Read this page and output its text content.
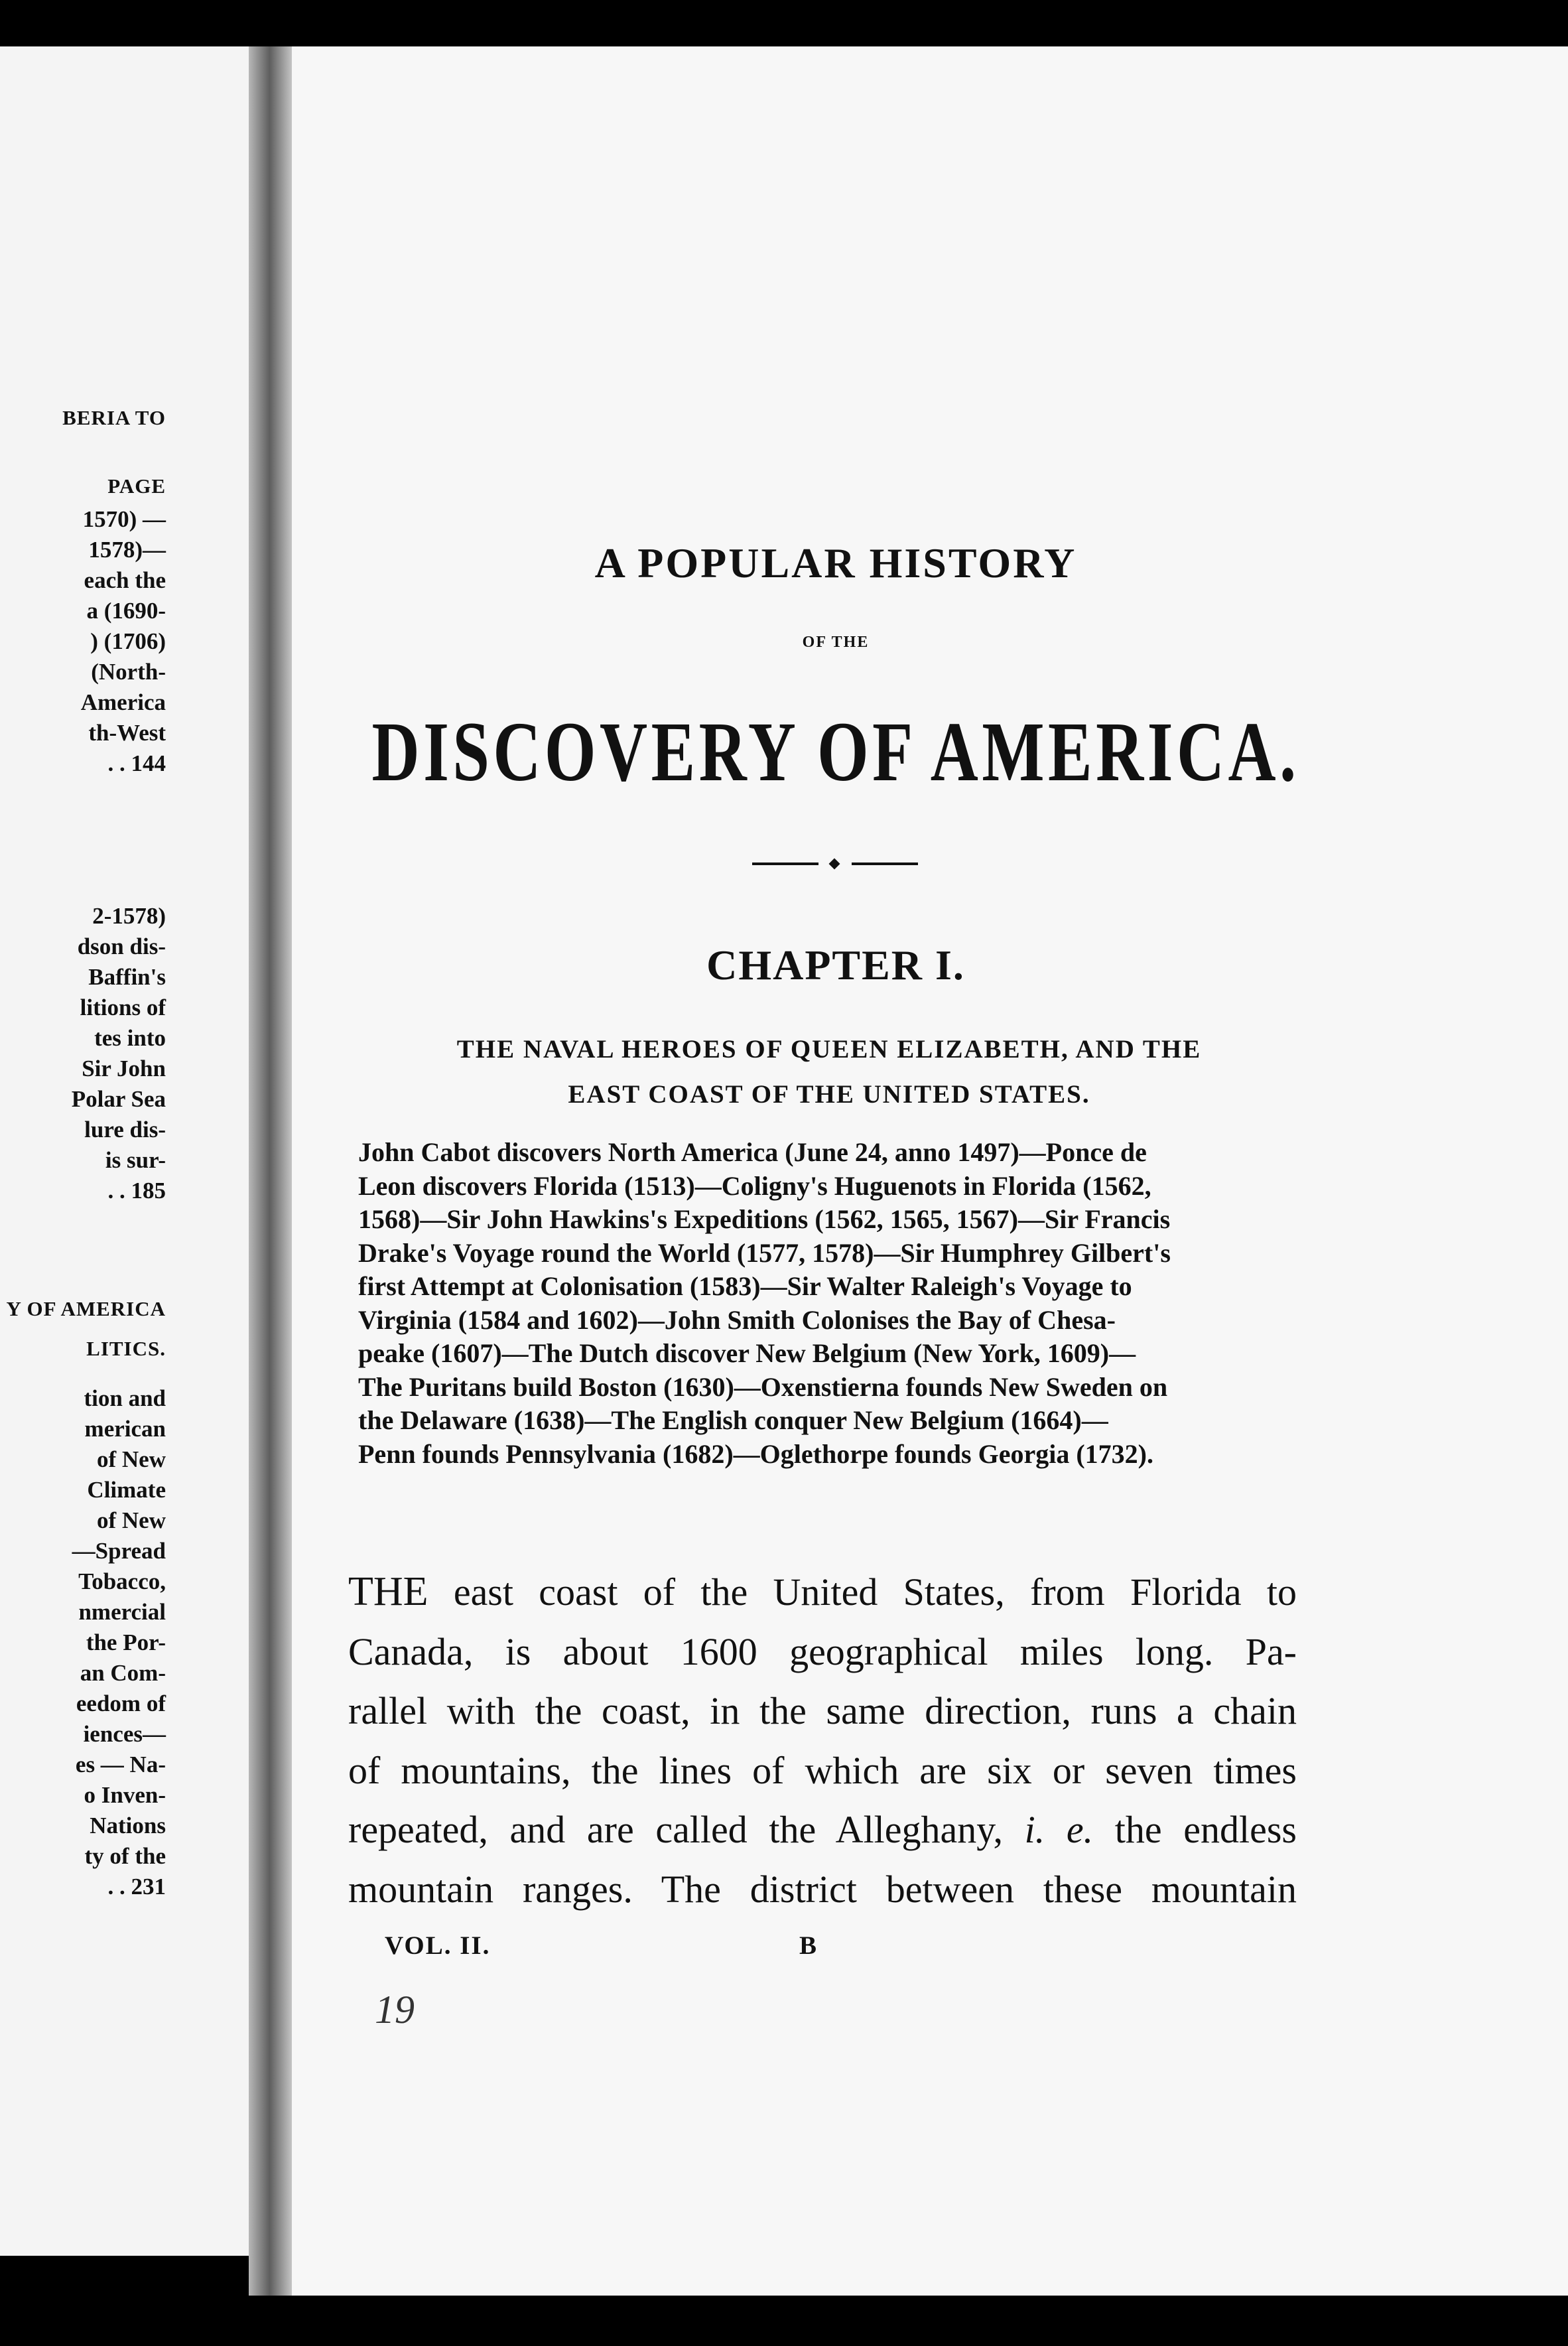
BERIA TO
PAGE
1570) —
1578)—
each the
a (1690-
) (1706)
(North-
America
th-West
. . 144
2-1578)
dson dis-
Baffin's
litions of
tes into
Sir John
Polar Sea
lure dis-
is sur-
. . 185
Y OF AMERICA
LITICS.
tion and
merican
of New
Climate
of New
—Spread
Tobacco,
nmercial
the Por-
an Com-
eedom of
iences—
es — Na-
o Inven-
Nations
ty of the
. . 231
A POPULAR HISTORY
OF THE
DISCOVERY OF AMERICA.
CHAPTER I.
THE NAVAL HEROES OF QUEEN ELIZABETH, AND THE
EAST COAST OF THE UNITED STATES.
John Cabot discovers North America (June 24, anno 1497)—Ponce de
Leon discovers Florida (1513)—Coligny's Huguenots in Florida (1562,
1568)—Sir John Hawkins's Expeditions (1562, 1565, 1567)—Sir Francis
Drake's Voyage round the World (1577, 1578)—Sir Humphrey Gilbert's
first Attempt at Colonisation (1583)—Sir Walter Raleigh's Voyage to
Virginia (1584 and 1602)—John Smith Colonises the Bay of Chesa-
peake (1607)—The Dutch discover New Belgium (New York, 1609)—
The Puritans build Boston (1630)—Oxenstierna founds New Sweden on
the Delaware (1638)—The English conquer New Belgium (1664)—
Penn founds Pennsylvania (1682)—Oglethorpe founds Georgia (1732).
THE east coast of the United States, from Florida to
Canada, is about 1600 geographical miles long. Pa-
rallel with the coast, in the same direction, runs a chain
of mountains, the lines of which are six or seven times
repeated, and are called the Alleghany, i. e. the endless
mountain ranges. The district between these mountain
VOL. II.	B
19
